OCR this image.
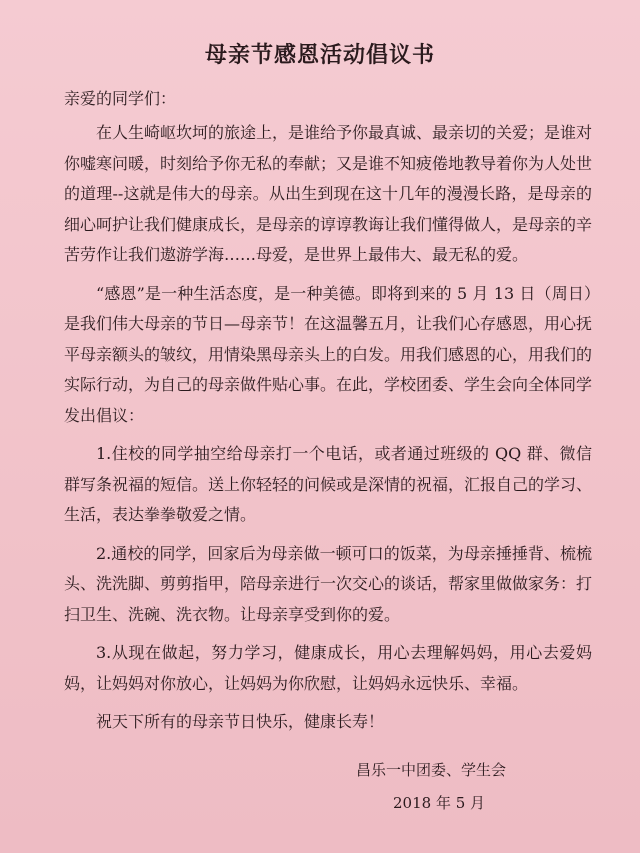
母亲节感恩活动倡议书
亲爱的同学们：

在人生崎岖坎坷的旅途上，是谁给予你最真诚、最亲切的关爱；是谁对你嘘寒问暖，时刻给予你无私的奉献；又是谁不知疲倦地教导着你为人处世的道理--这就是伟大的母亲。从出生到现在这十几年的漫漫长路，是母亲的细心呵护让我们健康成长，是母亲的谆谆教诲让我们懂得做人，是母亲的辛苦劳作让我们遨游学海……母爱，是世界上最伟大、最无私的爱。

“感恩”是一种生活态度，是一种美德。即将到来的 5 月 13 日（周日）是我们伟大母亲的节日—母亲节！在这温馨五月，让我们心存感恩，用心抚平母亲额头的皱纹，用情染黑母亲头上的白发。用我们感恩的心，用我们的实际行动，为自己的母亲做件贴心事。在此，学校团委、学生会向全体同学发出倡议：

1.住校的同学抽空给母亲打一个电话，或者通过班级的 QQ 群、微信群写条祝福的短信。送上你轻轻的问候或是深情的祝福，汇报自己的学习、生活，表达拳拳敬爱之情。

2.通校的同学，回家后为母亲做一顿可口的饭菜，为母亲捶捶背、梳梳头、洗洗脚、剪剪指甲，陪母亲进行一次交心的谈话，帮家里做做家务：打扫卫生、洗碗、洗衣物。让母亲享受到你的爱。

3.从现在做起，努力学习，健康成长，用心去理解妈妈，用心去爱妈妈，让妈妈对你放心，让妈妈为你欣慰，让妈妈永远快乐、幸福。

祝天下所有的母亲节日快乐，健康长寿！

昌乐一中团委、学生会
2018 年 5 月
